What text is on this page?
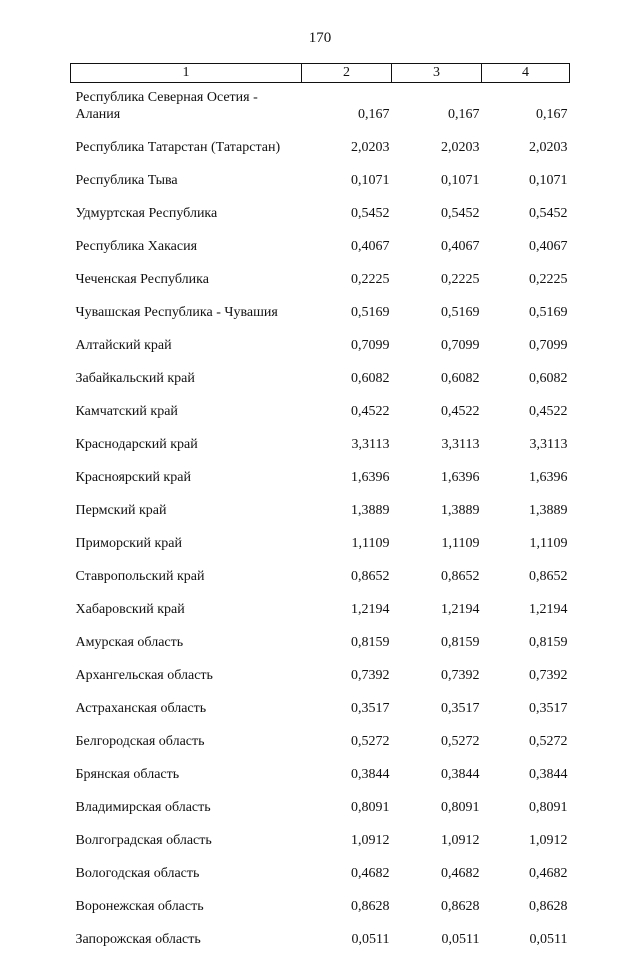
170
1	2	3	4
Республика Северная Осетия - Алания	0,167	0,167	0,167
Республика Татарстан (Татарстан)	2,0203	2,0203	2,0203
Республика Тыва	0,1071	0,1071	0,1071
Удмуртская Республика	0,5452	0,5452	0,5452
Республика Хакасия	0,4067	0,4067	0,4067
Чеченская Республика	0,2225	0,2225	0,2225
Чувашская Республика - Чувашия	0,5169	0,5169	0,5169
Алтайский край	0,7099	0,7099	0,7099
Забайкальский край	0,6082	0,6082	0,6082
Камчатский край	0,4522	0,4522	0,4522
Краснодарский край	3,3113	3,3113	3,3113
Красноярский край	1,6396	1,6396	1,6396
Пермский край	1,3889	1,3889	1,3889
Приморский край	1,1109	1,1109	1,1109
Ставропольский край	0,8652	0,8652	0,8652
Хабаровский край	1,2194	1,2194	1,2194
Амурская область	0,8159	0,8159	0,8159
Архангельская область	0,7392	0,7392	0,7392
Астраханская область	0,3517	0,3517	0,3517
Белгородская область	0,5272	0,5272	0,5272
Брянская область	0,3844	0,3844	0,3844
Владимирская область	0,8091	0,8091	0,8091
Волгоградская область	1,0912	1,0912	1,0912
Вологодская область	0,4682	0,4682	0,4682
Воронежская область	0,8628	0,8628	0,8628
Запорожская область	0,0511	0,0511	0,0511
